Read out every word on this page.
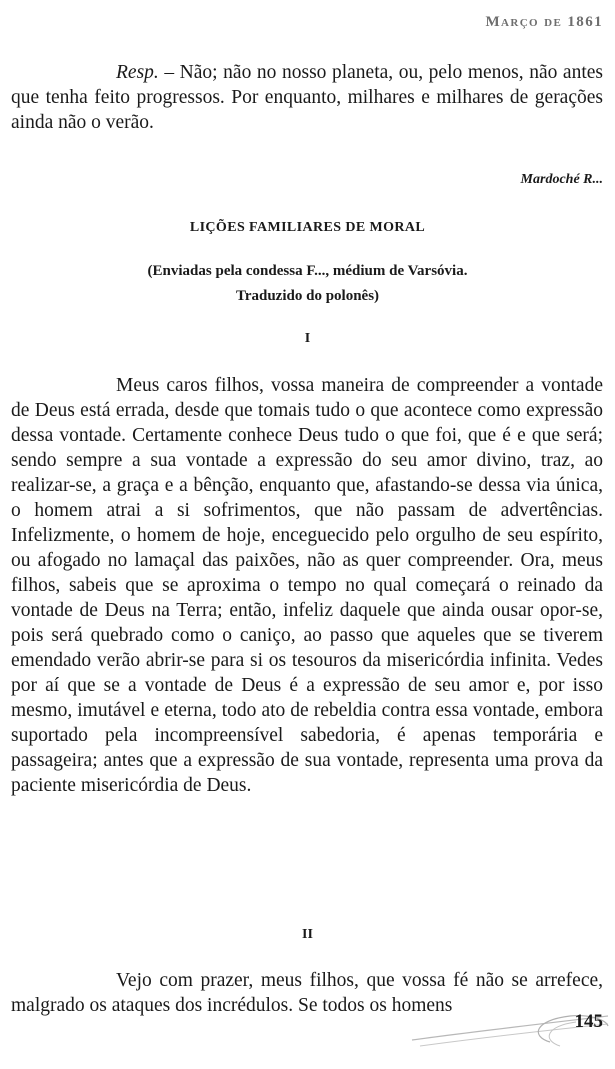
Março de 1861

Resp. – Não; não no nosso planeta, ou, pelo menos, não antes que tenha feito progressos. Por enquanto, milhares e milhares de gerações ainda não o verão.

Mardoché R...

LIÇÕES FAMILIARES DE MORAL

(Enviadas pela condessa F..., médium de Varsóvia.
Traduzido do polonês)

I

Meus caros filhos, vossa maneira de compreender a vontade de Deus está errada, desde que tomais tudo o que acontece como expressão dessa vontade. Certamente conhece Deus tudo o que foi, que é e que será; sendo sempre a sua vontade a expressão do seu amor divino, traz, ao realizar-se, a graça e a bênção, enquanto que, afastando-se dessa via única, o homem atrai a si sofrimentos, que não passam de advertências. Infelizmente, o homem de hoje, enceguecido pelo orgulho de seu espírito, ou afogado no lamaçal das paixões, não as quer compreender. Ora, meus filhos, sabeis que se aproxima o tempo no qual começará o reinado da vontade de Deus na Terra; então, infeliz daquele que ainda ousar opor-se, pois será quebrado como o caniço, ao passo que aqueles que se tiverem emendado verão abrir-se para si os tesouros da misericórdia infinita. Vedes por aí que se a vontade de Deus é a expressão de seu amor e, por isso mesmo, imutável e eterna, todo ato de rebeldia contra essa vontade, embora suportado pela incompreensível sabedoria, é apenas temporária e passageira; antes que a expressão de sua vontade, representa uma prova da paciente misericórdia de Deus.

II

Vejo com prazer, meus filhos, que vossa fé não se arrefece, malgrado os ataques dos incrédulos. Se todos os homens

145
